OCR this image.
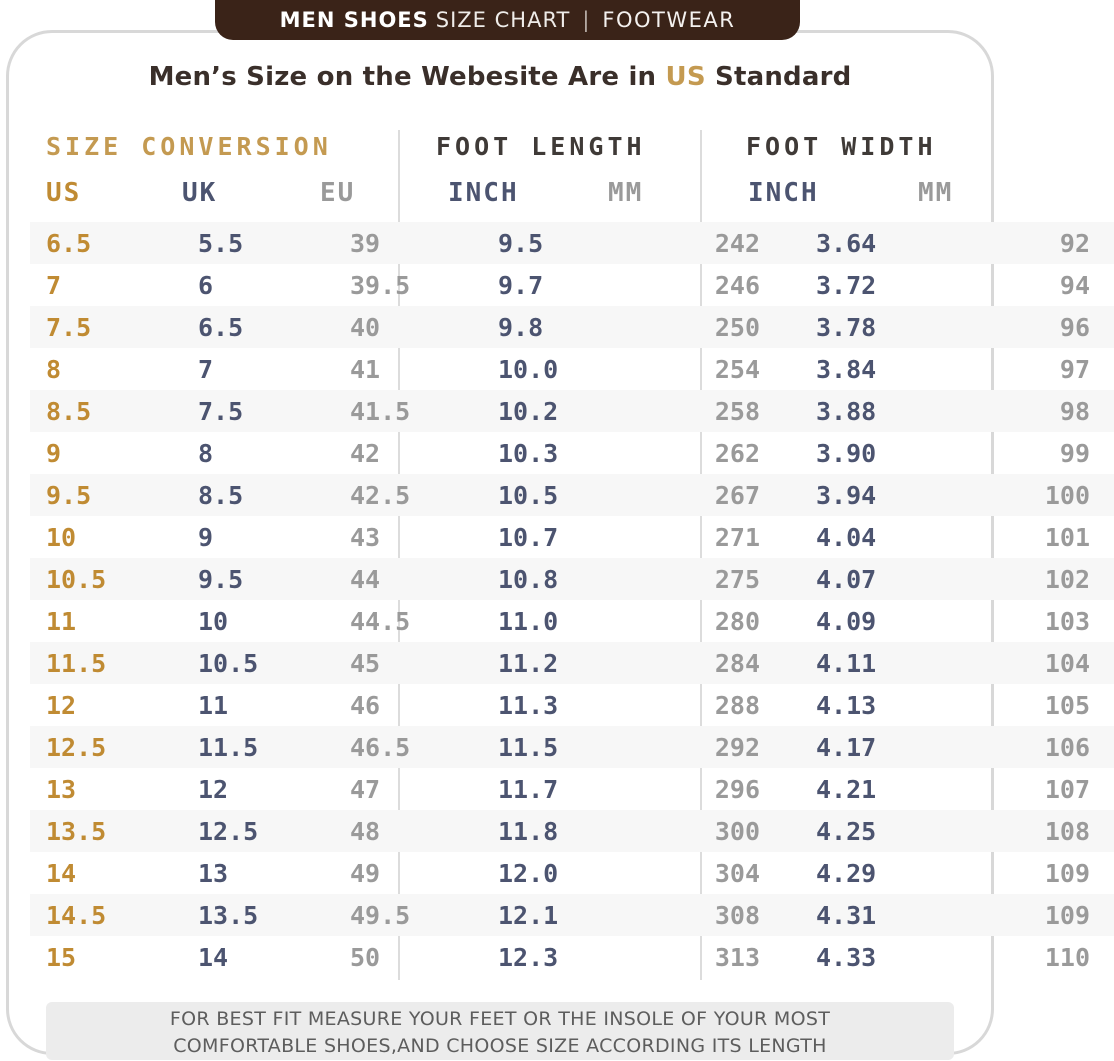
MEN SHOES SIZE CHART | FOOTWEAR
Men’s Size on the Webesite Are in US Standard
SIZE CONVERSION	FOOT LENGTH	FOOT WIDTH
US	UK	EU	INCH	MM	INCH	MM
6.5	5.5	39	9.5	242	3.64	92
7	6	39.5	9.7	246	3.72	94
7.5	6.5	40	9.8	250	3.78	96
8	7	41	10.0	254	3.84	97
8.5	7.5	41.5	10.2	258	3.88	98
9	8	42	10.3	262	3.90	99
9.5	8.5	42.5	10.5	267	3.94	100
10	9	43	10.7	271	4.04	101
10.5	9.5	44	10.8	275	4.07	102
11	10	44.5	11.0	280	4.09	103
11.5	10.5	45	11.2	284	4.11	104
12	11	46	11.3	288	4.13	105
12.5	11.5	46.5	11.5	292	4.17	106
13	12	47	11.7	296	4.21	107
13.5	12.5	48	11.8	300	4.25	108
14	13	49	12.0	304	4.29	109
14.5	13.5	49.5	12.1	308	4.31	109
15	14	50	12.3	313	4.33	110
FOR BEST FIT MEASURE YOUR FEET OR THE INSOLE OF YOUR MOST
COMFORTABLE SHOES,AND CHOOSE SIZE ACCORDING ITS LENGTH
